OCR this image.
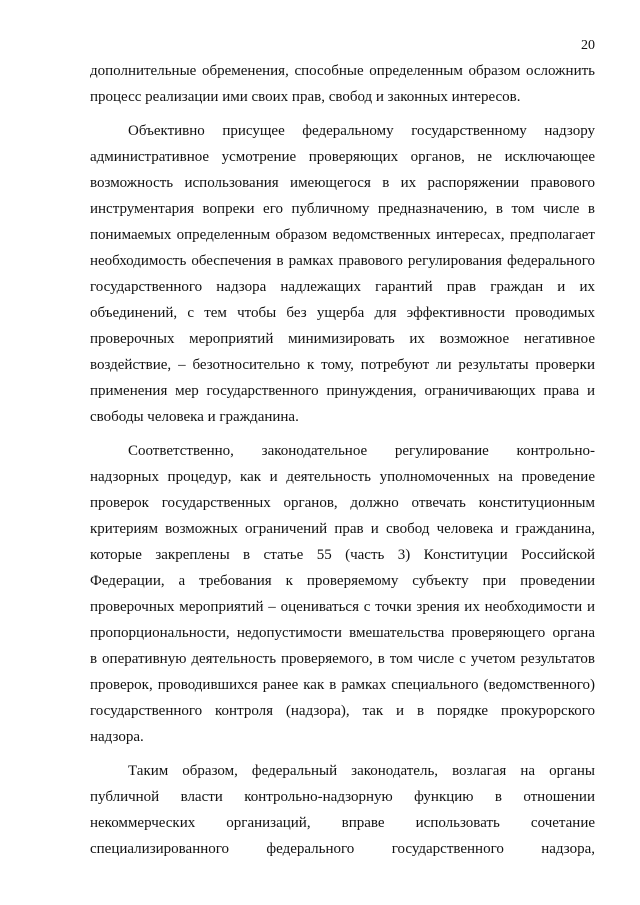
20
дополнительные обременения, способные определенным образом осложнить
процесс реализации ими своих прав, свобод и законных интересов.
Объективно присущее федеральному государственному надзору
административное усмотрение проверяющих органов, не исключающее
возможность использования имеющегося в их распоряжении правового
инструментария вопреки его публичному предназначению, в том числе в
понимаемых определенным образом ведомственных интересах, предполагает
необходимость обеспечения в рамках правового регулирования федерального
государственного надзора надлежащих гарантий прав граждан и их
объединений, с тем чтобы без ущерба для эффективности проводимых
проверочных мероприятий минимизировать их возможное негативное
воздействие, – безотносительно к тому, потребуют ли результаты проверки
применения мер государственного принуждения, ограничивающих права и
свободы человека и гражданина.
Соответственно, законодательное регулирование контрольно-
надзорных процедур, как и деятельность уполномоченных на проведение
проверок государственных органов, должно отвечать конституционным
критериям возможных ограничений прав и свобод человека и гражданина,
которые закреплены в статье 55 (часть 3) Конституции Российской
Федерации, а требования к проверяемому субъекту при проведении
проверочных мероприятий – оцениваться с точки зрения их необходимости и
пропорциональности, недопустимости вмешательства проверяющего органа
в оперативную деятельность проверяемого, в том числе с учетом результатов
проверок, проводившихся ранее как в рамках специального (ведомственного)
государственного контроля (надзора), так и в порядке прокурорского
надзора.
Таким образом, федеральный законодатель, возлагая на органы
публичной власти контрольно-надзорную функцию в отношении
некоммерческих организаций, вправе использовать сочетание
специализированного федерального государственного надзора,
